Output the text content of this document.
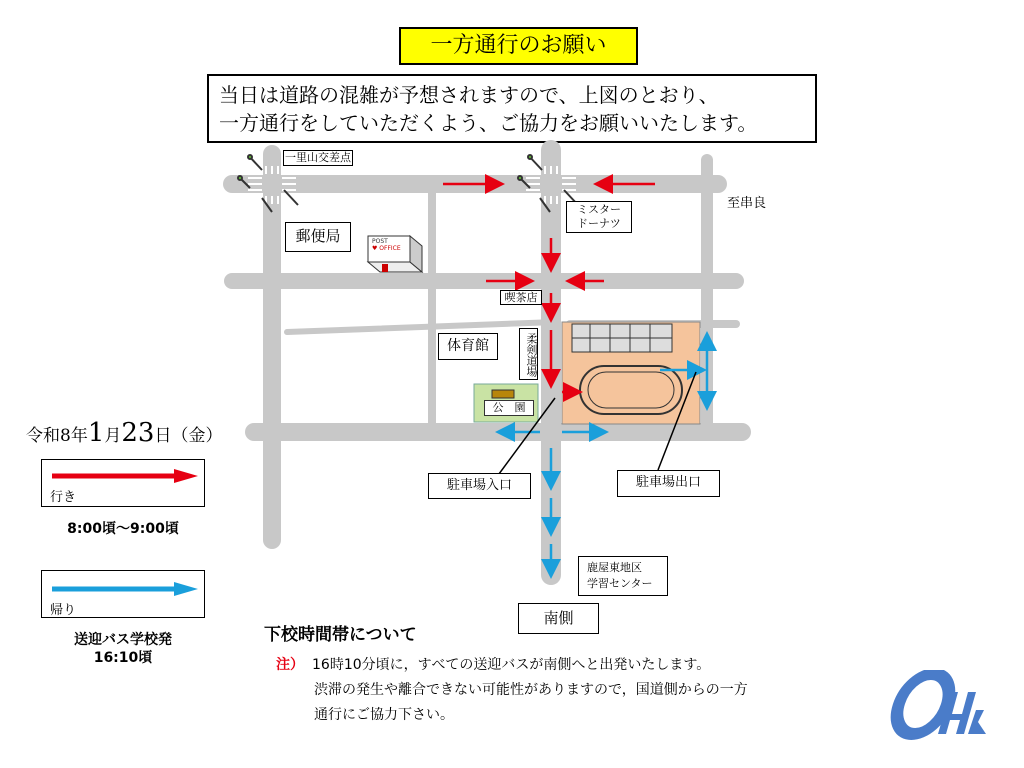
一方通行のお願い
当日は道路の混雑が予想されますので、上図のとおり、
一方通行をしていただくよう、ご協力をお願いいたします。
一里山交差点
郵便局	POST
♥ OFFICE
ミスター
ドーナツ
至串良
喫茶店
体育館	柔剣道場
公　園
駐車場入口	駐車場出口
鹿屋東地区
学習センター
南側
令和8年1月23日（金）
行き
8:00頃～9:00頃
帰り
送迎バス学校発
16:10頃
下校時間帯について
注） 16時10分頃に，すべての送迎バスが南側へと出発いたします。
渋滞の発生や離合できない可能性がありますので，国道側からの一方
通行にご協力下さい。
